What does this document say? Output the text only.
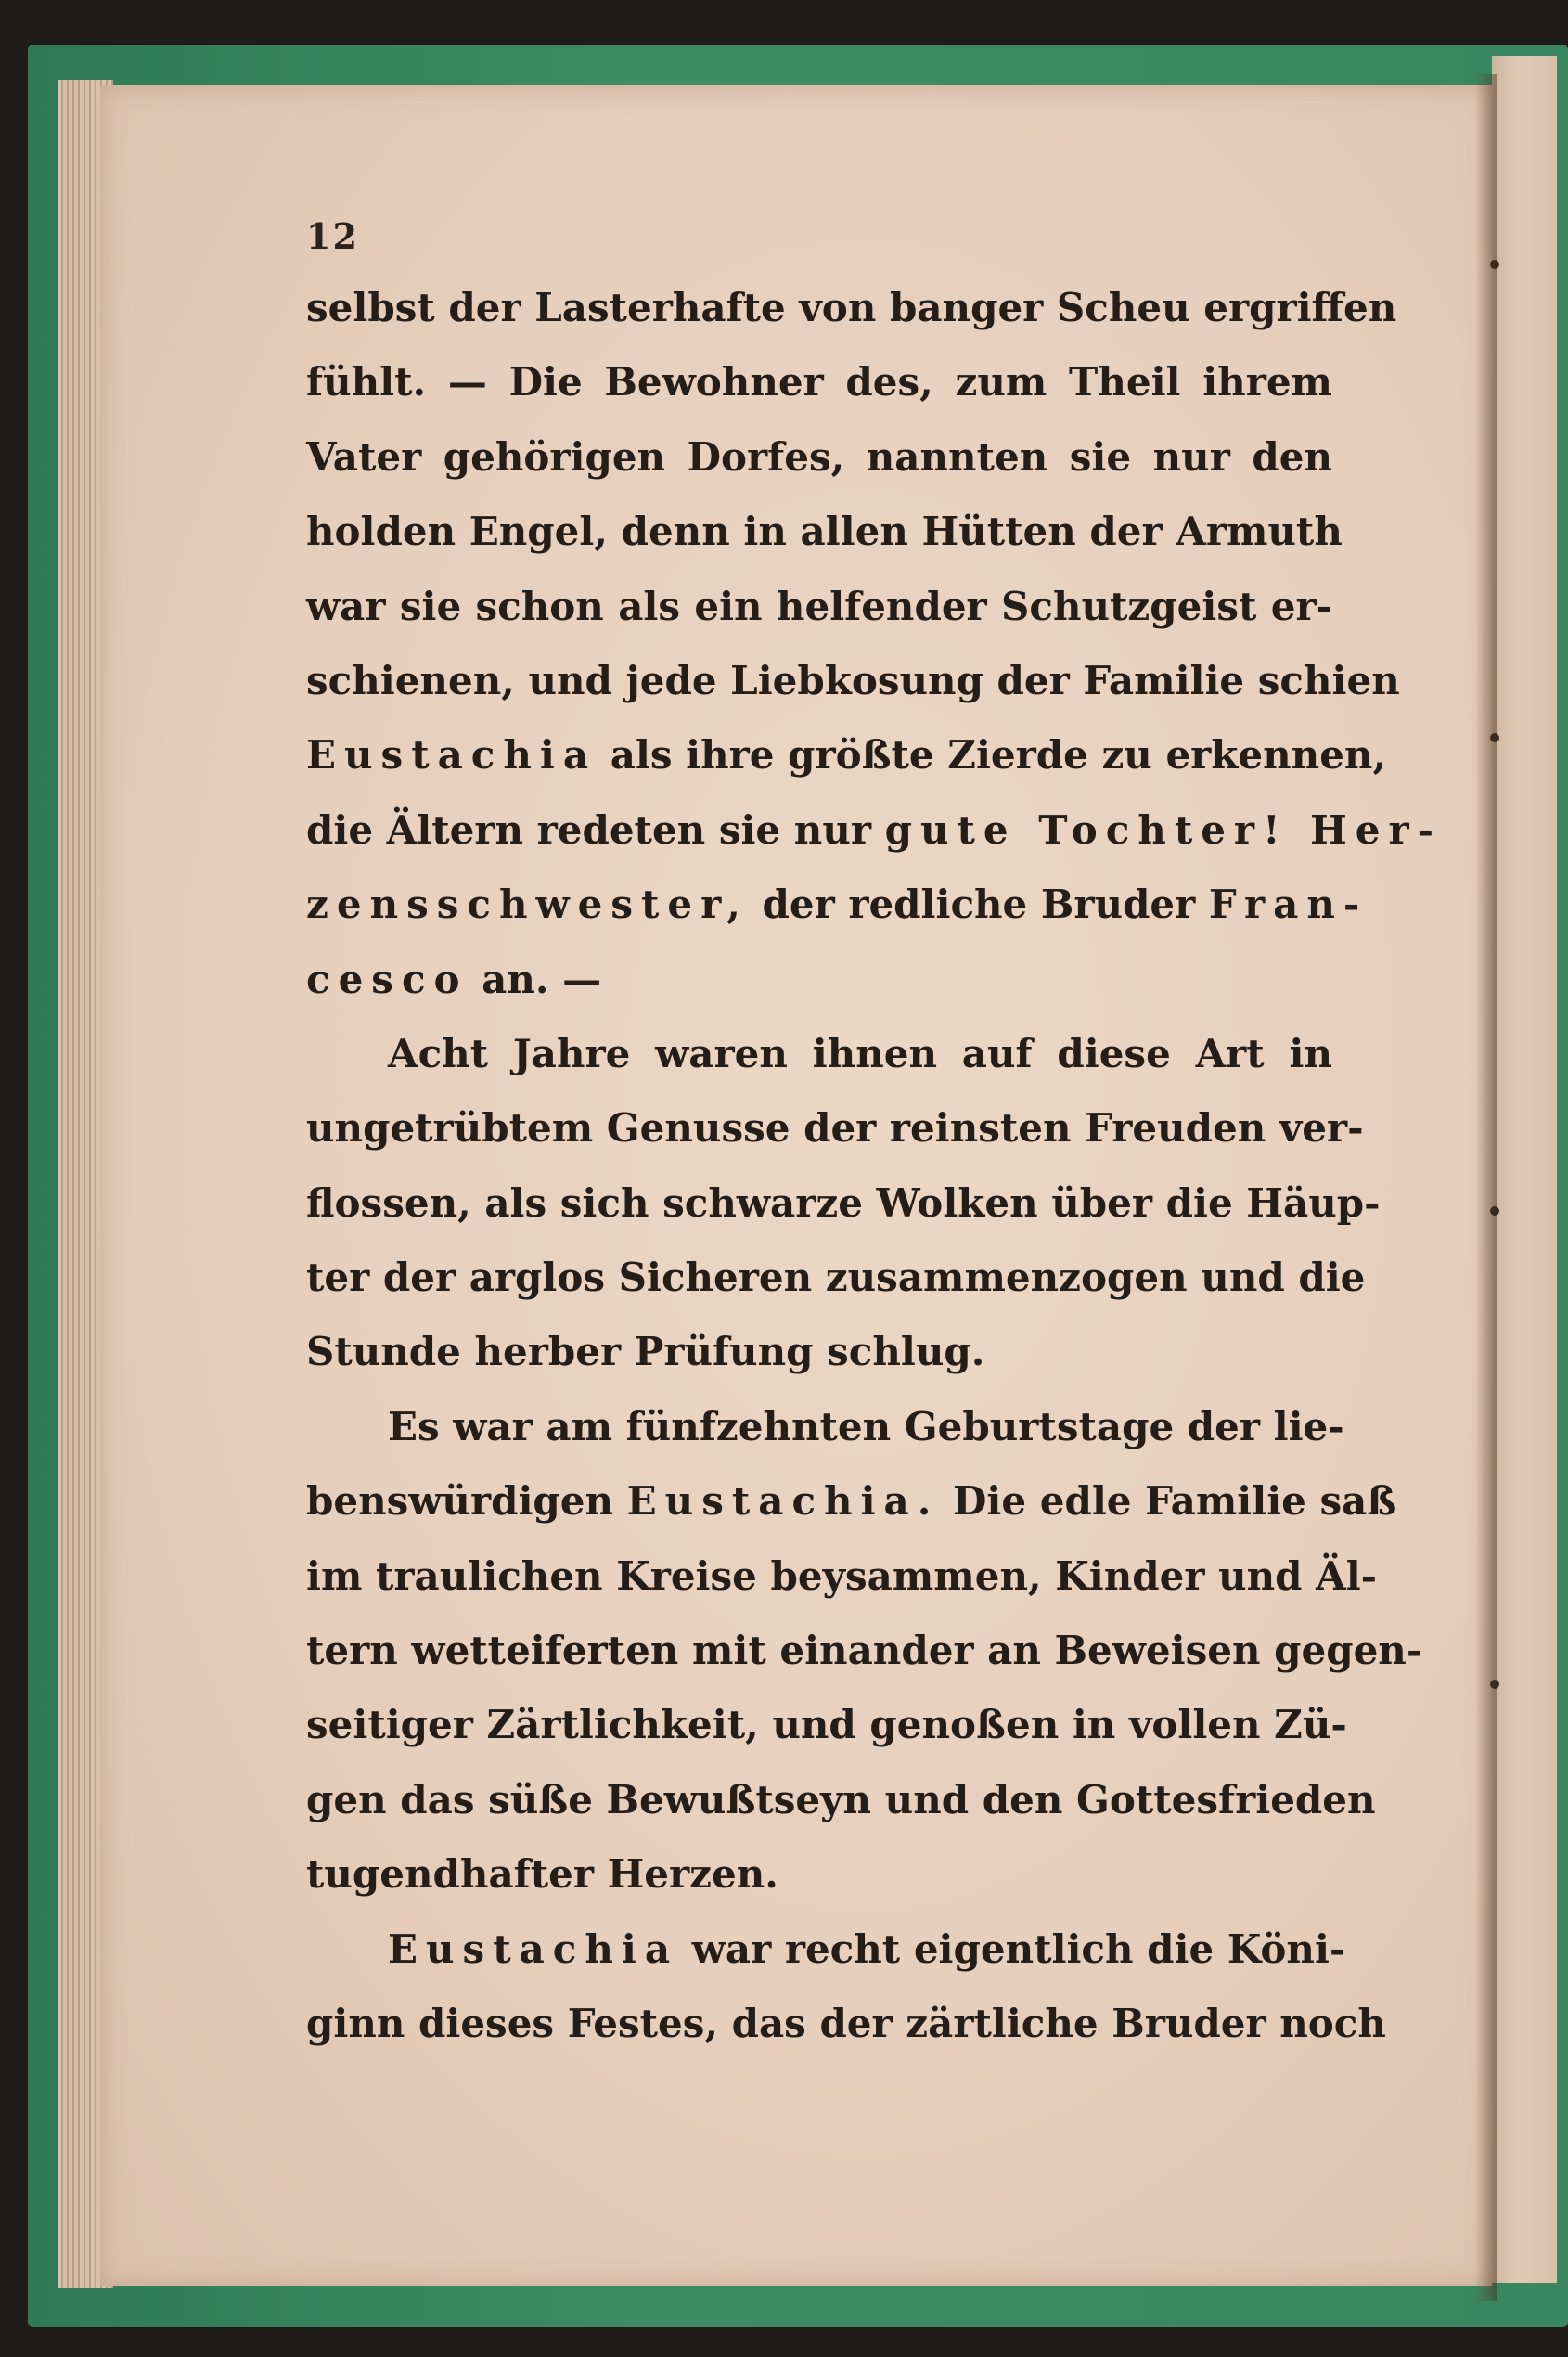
12
selbst der Lasterhafte von banger Scheu ergriffen
fühlt. — Die Bewohner des, zum Theil ihrem
Vater gehörigen Dorfes, nannten sie nur den
holden Engel, denn in allen Hütten der Armuth
war sie schon als ein helfender Schutzgeist er-
schienen, und jede Liebkosung der Familie schien
Eustachia als ihre größte Zierde zu erkennen,
die Ältern redeten sie nur gute Tochter! Her-
zensschwester, der redliche Bruder Fran-
cesco an. —
Acht Jahre waren ihnen auf diese Art in
ungetrübtem Genusse der reinsten Freuden ver-
flossen, als sich schwarze Wolken über die Häup-
ter der arglos Sicheren zusammenzogen und die
Stunde herber Prüfung schlug.
Es war am fünfzehnten Geburtstage der lie-
benswürdigen Eustachia. Die edle Familie saß
im traulichen Kreise beysammen, Kinder und Äl-
tern wetteiferten mit einander an Beweisen gegen-
seitiger Zärtlichkeit, und genoßen in vollen Zü-
gen das süße Bewußtseyn und den Gottesfrieden
tugendhafter Herzen.
Eustachia war recht eigentlich die Köni-
ginn dieses Festes, das der zärtliche Bruder noch
